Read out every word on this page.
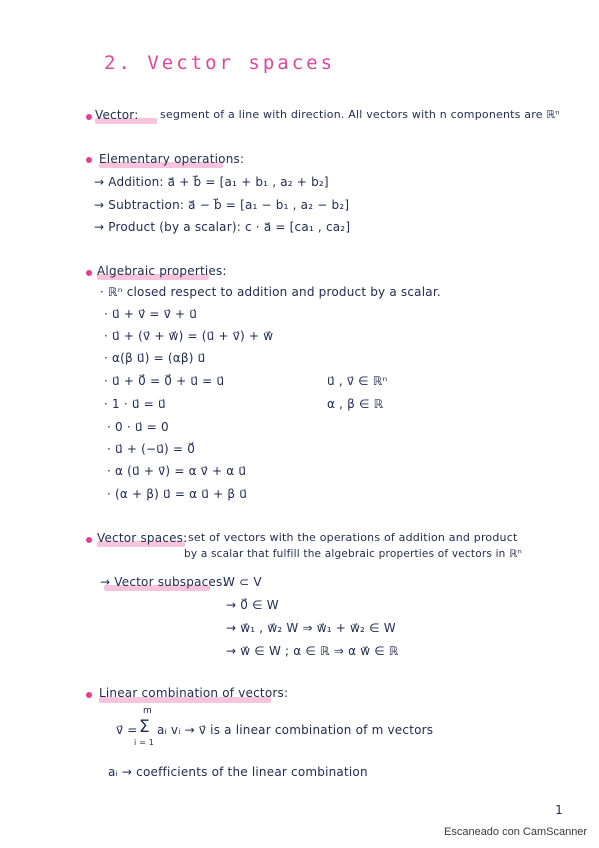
2. Vector spaces
Vector: segment of a line with direction. All vectors with n components are ℝⁿ
Elementary operations:
→ Addition: a⃗ + b⃗ = [a₁ + b₁ , a₂ + b₂]
→ Subtraction: a⃗ − b⃗ = [a₁ − b₁ , a₂ − b₂]
→ Product (by a scalar): c · a⃗ = [ca₁ , ca₂]
Algebraic properties:
· ℝⁿ closed respect to addition and product by a scalar.
· u⃗ + v⃗ = v⃗ + u⃗
· u⃗ + (v⃗ + w⃗) = (u⃗ + v⃗) + w⃗
· α(β u⃗) = (αβ) u⃗
· u⃗ + 0⃗ = 0⃗ + u⃗ = u⃗
· 1 · u⃗ = u⃗
· 0 · u⃗ = 0
· u⃗ + (−u⃗) = 0⃗
· α (u⃗ + v⃗) = α v⃗ + α u⃗
· (α + β) u⃗ = α u⃗ + β u⃗
u⃗ , v⃗ ∈ ℝⁿ
α , β ∈ ℝ
Vector spaces: set of vectors with the operations of addition and product
by a scalar that fulfill the algebraic properties of vectors in ℝⁿ
→ Vector subspaces:
W ⊂ V
→ 0⃗ ∈ W
→ w⃗₁ , w⃗₂ W ⇒ w⃗₁ + w⃗₂ ∈ W
→ w⃗ ∈ W ; α ∈ ℝ ⇒ α w⃗ ∈ ℝ
Linear combination of vectors:
v⃗ =
m
Σ
i = 1
aᵢ vᵢ → v⃗ is a linear combination of m vectors
aᵢ → coefficients of the linear combination
1
Escaneado con CamScanner
